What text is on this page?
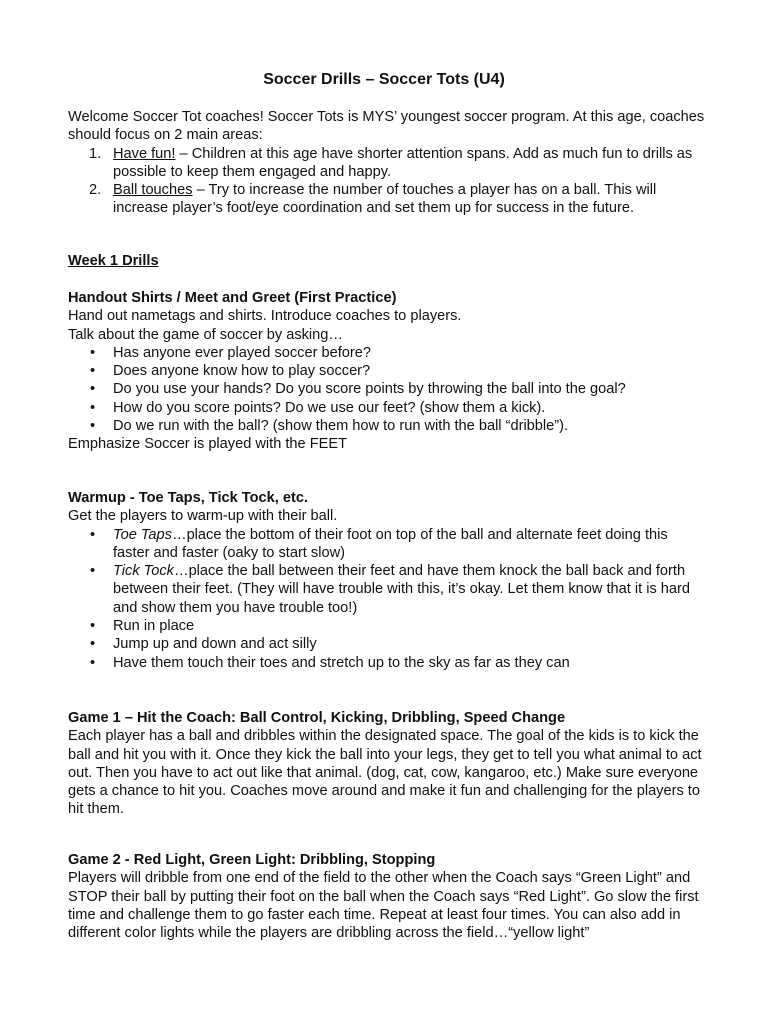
Soccer Drills – Soccer Tots (U4)

Welcome Soccer Tot coaches! Soccer Tots is MYS’ youngest soccer program. At this age, coaches should focus on 2 main areas:

1. Have fun! – Children at this age have shorter attention spans. Add as much fun to drills as possible to keep them engaged and happy.
2. Ball touches – Try to increase the number of touches a player has on a ball. This will increase player’s foot/eye coordination and set them up for success in the future.
Week 1 Drills

Handout Shirts / Meet and Greet (First Practice)

Hand out nametags and shirts. Introduce coaches to players.

Talk about the game of soccer by asking…

• Has anyone ever played soccer before?
• Does anyone know how to play soccer?
• Do you use your hands? Do you score points by throwing the ball into the goal?
• How do you score points? Do we use our feet? (show them a kick).
• Do we run with the ball? (show them how to run with the ball “dribble”).

Emphasize Soccer is played with the FEET

Warmup - Toe Taps, Tick Tock, etc.

Get the players to warm-up with their ball.

• Toe Taps…place the bottom of their foot on top of the ball and alternate feet doing this faster and faster (oaky to start slow)
• Tick Tock…place the ball between their feet and have them knock the ball back and forth between their feet. (They will have trouble with this, it’s okay. Let them know that it is hard and show them you have trouble too!)
• Run in place
• Jump up and down and act silly
• Have them touch their toes and stretch up to the sky as far as they can

Game 1 – Hit the Coach: Ball Control, Kicking, Dribbling, Speed Change

Each player has a ball and dribbles within the designated space. The goal of the kids is to kick the ball and hit you with it. Once they kick the ball into your legs, they get to tell you what animal to act out. Then you have to act out like that animal. (dog, cat, cow, kangaroo, etc.) Make sure everyone gets a chance to hit you. Coaches move around and make it fun and challenging for the players to hit them.

Game 2 - Red Light, Green Light: Dribbling, Stopping

Players will dribble from one end of the field to the other when the Coach says “Green Light” and STOP their ball by putting their foot on the ball when the Coach says “Red Light”. Go slow the first time and challenge them to go faster each time. Repeat at least four times. You can also add in different color lights while the players are dribbling across the field…“yellow light”
